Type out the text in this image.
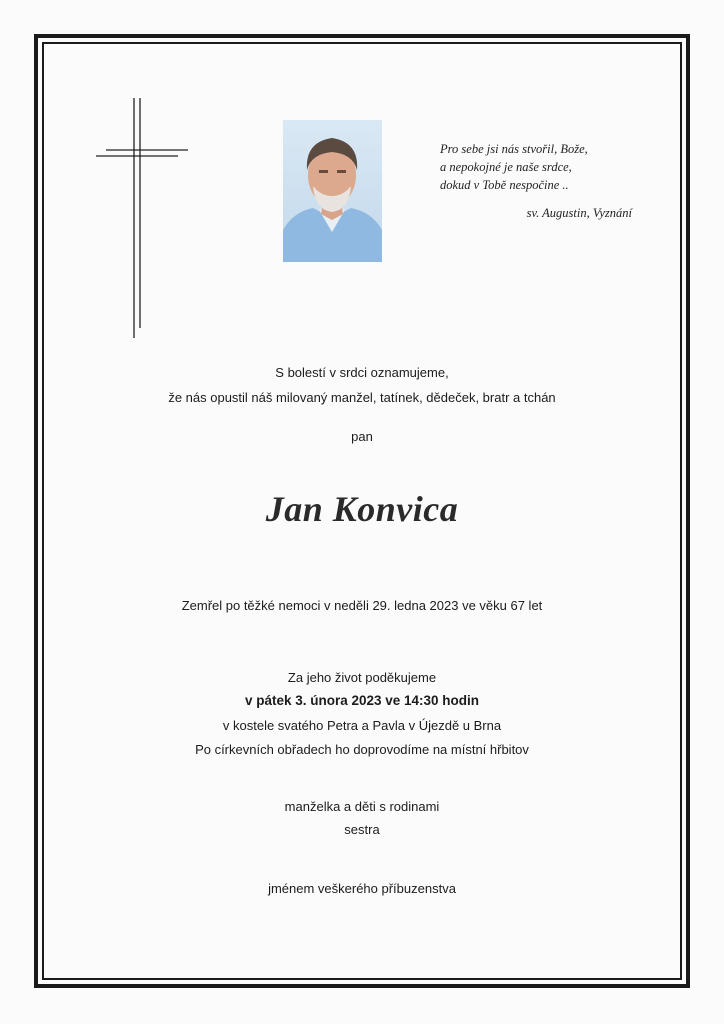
Pro sebe jsi nás stvořil, Bože,
a nepokojné je naše srdce,
dokud v Tobě nespočine ..
sv. Augustin, Vyznání
S bolestí v srdci oznamujeme,
že nás opustil náš milovaný manžel, tatínek, dědeček, bratr a tchán
pan
Jan Konvica
Zemřel po těžké nemoci v neděli 29. ledna 2023 ve věku 67 let
Za jeho život poděkujeme
v pátek 3. února 2023 ve 14:30 hodin
v kostele svatého Petra a Pavla v Újezdě u Brna
Po církevních obřadech ho doprovodíme na místní hřbitov
manželka a děti s rodinami
sestra
jménem veškerého příbuzenstva
